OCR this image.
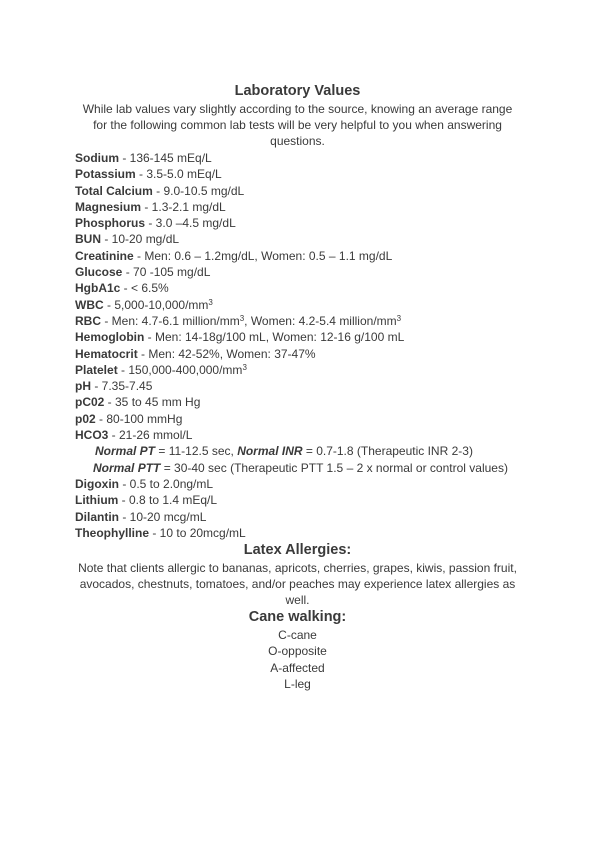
Laboratory Values
While lab values vary slightly according to the source, knowing an average range for the following common lab tests will be very helpful to you when answering questions.
Sodium - 136-145 mEq/L
Potassium - 3.5-5.0 mEq/L
Total Calcium - 9.0-10.5 mg/dL
Magnesium - 1.3-2.1 mg/dL
Phosphorus - 3.0 –4.5 mg/dL
BUN - 10-20 mg/dL
Creatinine - Men: 0.6 – 1.2mg/dL, Women: 0.5 – 1.1 mg/dL
Glucose - 70 -105 mg/dL
HgbA1c - < 6.5%
WBC - $5,000-10,000/mm^3$
RBC - Men: 4.7-6.1 million/$mm^3$, Women: 4.2-5.4 million/$mm^3$
Hemoglobin - Men: 14-18g/100 mL, Women: 12-16 g/100 mL
Hematocrit - Men: 42-52%, Women: 37-47%
Platelet - $150,000-400,000/mm^3$
pH - 7.35-7.45
pC02 - 35 to 45 mm Hg
p02 - 80-100 mmHg
HCO3 - 21-26 mmol/L
Normal PT = 11-12.5 sec, Normal INR = 0.7-1.8 (Therapeutic INR 2-3)
Normal PTT = 30-40 sec (Therapeutic PTT 1.5 – 2 x normal or control values)
Digoxin - 0.5 to 2.0ng/mL
Lithium - 0.8 to 1.4 mEq/L
Dilantin - 10-20 mcg/mL
Theophylline - 10 to 20mcg/mL
Latex Allergies:
Note that clients allergic to bananas, apricots, cherries, grapes, kiwis, passion fruit, avocados, chestnuts, tomatoes, and/or peaches may experience latex allergies as well.
Cane walking:
C-cane
O-opposite
A-affected
L-leg
